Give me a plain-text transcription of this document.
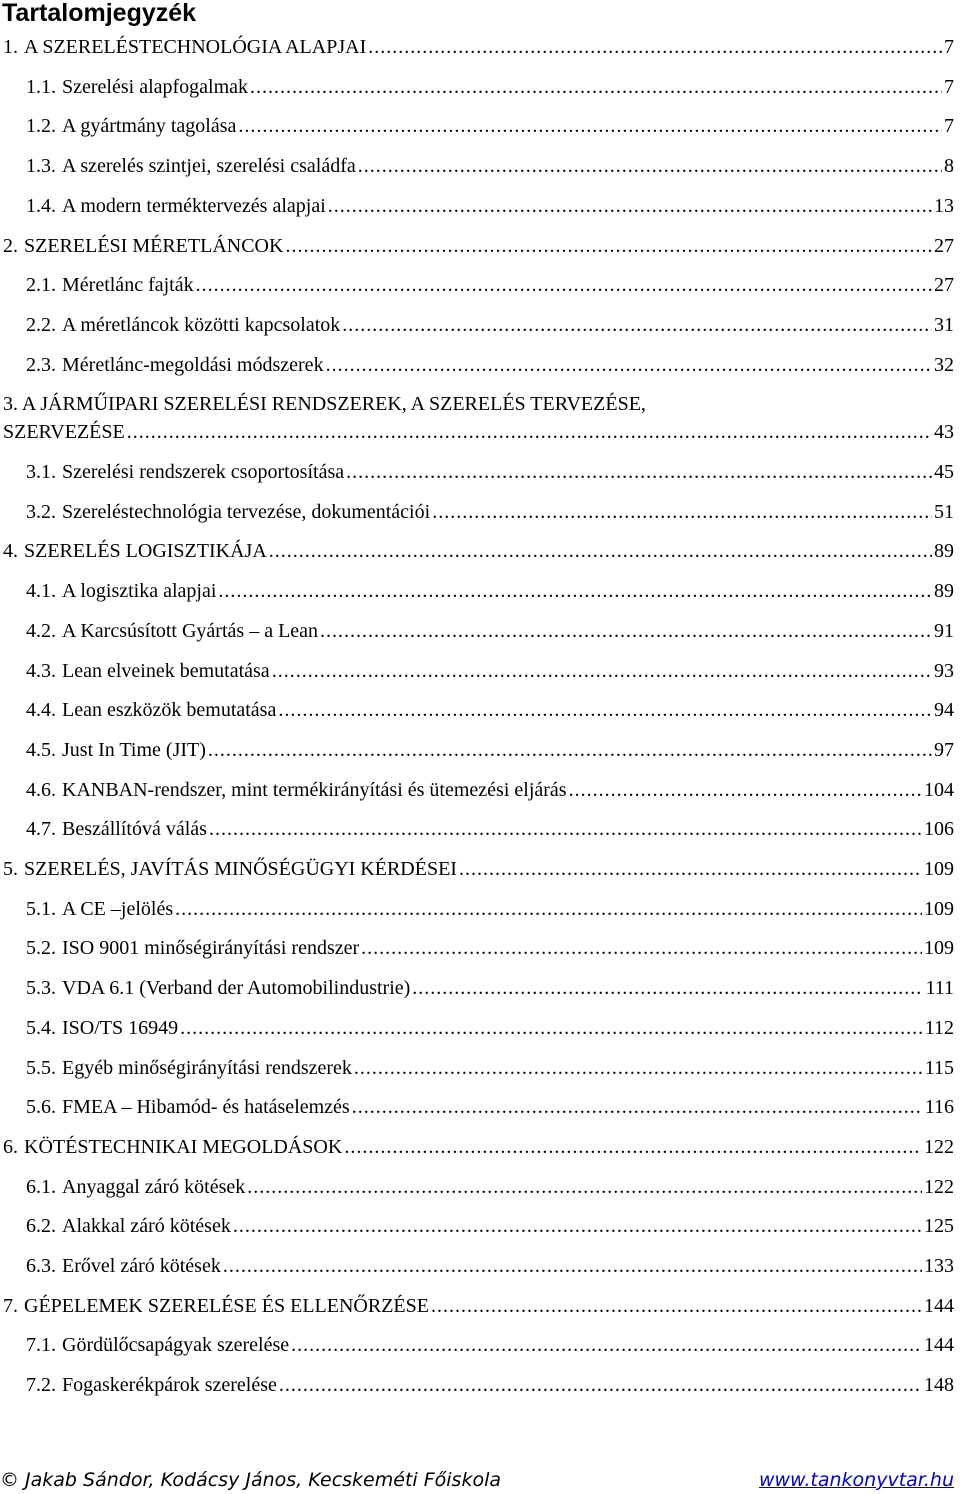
Tartalomjegyzék
1. A SZERELÉSTECHNOLÓGIA ALAPJAI .....	7
1.1. Szerelési alapfogalmak .....	7
1.2. A gyártmány tagolása .....	7
1.3. A szerelés szintjei, szerelési családfa .....	8
1.4. A modern terméktervezés alapjai .....	13
2. SZERELÉSI MÉRETLÁNCOK .....	27
2.1. Méretlánc fajták .....	27
2.2. A méretláncok közötti kapcsolatok .....	31
2.3. Méretlánc-megoldási módszerek .....	32
3. A JÁRMŰIPARI SZERELÉSI RENDSZEREK, A SZERELÉS TERVEZÉSE,
SZERVEZÉSE .....	43
3.1. Szerelési rendszerek csoportosítása .....	45
3.2. Szereléstechnológia tervezése, dokumentációi .....	51
4. SZERELÉS LOGISZTIKÁJA .....	89
4.1. A logisztika alapjai .....	89
4.2. A Karcsúsított Gyártás – a Lean .....	91
4.3. Lean elveinek bemutatása .....	93
4.4. Lean eszközök bemutatása .....	94
4.5. Just In Time (JIT) .....	97
4.6. KANBAN-rendszer, mint termékirányítási és ütemezési eljárás .....	104
4.7. Beszállítóvá válás .....	106
5. SZERELÉS, JAVÍTÁS MINŐSÉGÜGYI KÉRDÉSEI .....	109
5.1. A CE –jelölés .....	109
5.2. ISO 9001 minőségirányítási rendszer .....	109
5.3. VDA 6.1 (Verband der Automobilindustrie) .....	111
5.4. ISO/TS 16949 .....	112
5.5. Egyéb minőségirányítási rendszerek .....	115
5.6. FMEA – Hibamód- és hatáselemzés .....	116
6. KÖTÉSTECHNIKAI MEGOLDÁSOK .....	122
6.1. Anyaggal záró kötések .....	122
6.2. Alakkal záró kötések .....	125
6.3. Erővel záró kötések .....	133
7. GÉPELEMEK SZERELÉSE ÉS ELLENŐRZÉSE .....	144
7.1. Gördülőcsapágyak szerelése .....	144
7.2. Fogaskerékpárok szerelése .....	148
© Jakab Sándor, Kodácsy János, Kecskeméti Főiskola	www.tankonyvtar.hu
